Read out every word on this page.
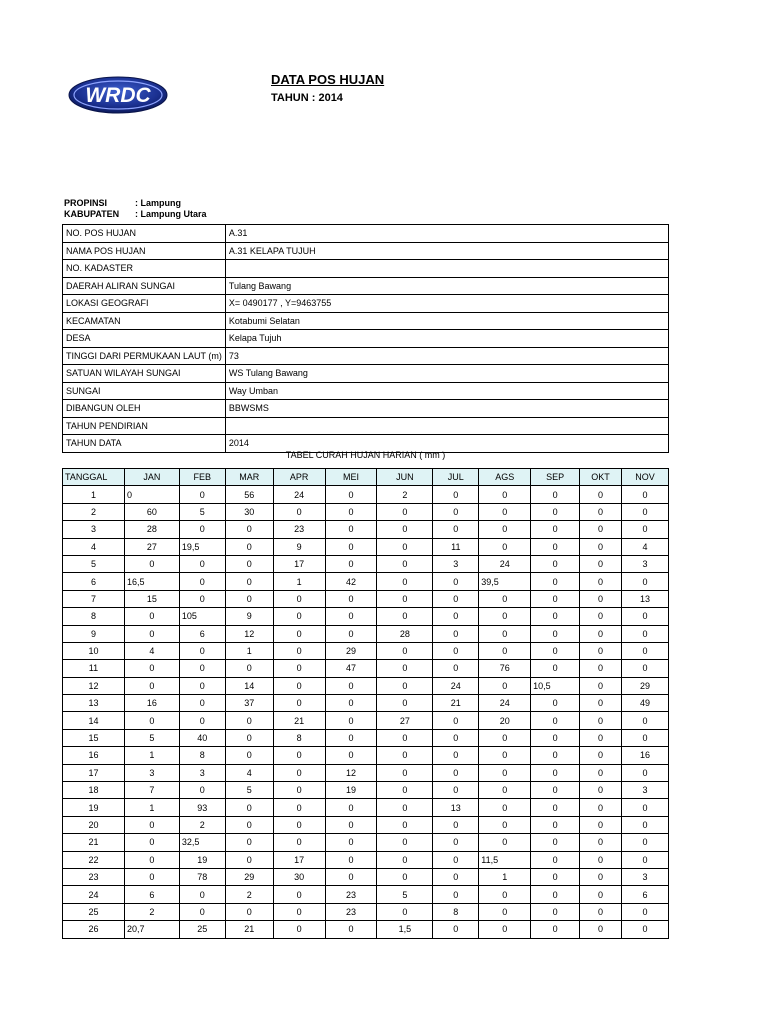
WRDC
DATA POS HUJAN
TAHUN : 2014
PROPINSI	: Lampung
KABUPATEN : Lampung Utara
NO. POS HUJAN	A.31
NAMA POS HUJAN	A.31 KELAPA TUJUH
NO. KADASTER	
DAERAH ALIRAN SUNGAI	Tulang Bawang
LOKASI GEOGRAFI	X= 0490177 , Y=9463755
KECAMATAN	Kotabumi Selatan
DESA	Kelapa Tujuh
TINGGI DARI PERMUKAAN LAUT (m)	73
SATUAN WILAYAH SUNGAI	WS Tulang Bawang
SUNGAI	Way Umban
DIBANGUN OLEH	BBWSMS
TAHUN PENDIRIAN	
TAHUN DATA	2014
TABEL CURAH HUJAN HARIAN ( mm )
TANGGAL	JAN	FEB	MAR	APR	MEI	JUN	JUL	AGS	SEP	OKT	NOV
1	0	0	56	24	0	2	0	0	0	0	0
2	60	5	30	0	0	0	0	0	0	0	0
3	28	0	0	23	0	0	0	0	0	0	0
4	27	19,5	0	9	0	0	11	0	0	0	4
5	0	0	0	17	0	0	3	24	0	0	3
6	16,5	0	0	1	42	0	0	39,5	0	0	0
7	15	0	0	0	0	0	0	0	0	0	13
8	0	105	9	0	0	0	0	0	0	0	0
9	0	6	12	0	0	28	0	0	0	0	0
10	4	0	1	0	29	0	0	0	0	0	0
11	0	0	0	0	47	0	0	76	0	0	0
12	0	0	14	0	0	0	24	0	10,5	0	29
13	16	0	37	0	0	0	21	24	0	0	49
14	0	0	0	21	0	27	0	20	0	0	0
15	5	40	0	8	0	0	0	0	0	0	0
16	1	8	0	0	0	0	0	0	0	0	16
17	3	3	4	0	12	0	0	0	0	0	0
18	7	0	5	0	19	0	0	0	0	0	3
19	1	93	0	0	0	0	13	0	0	0	0
20	0	2	0	0	0	0	0	0	0	0	0
21	0	32,5	0	0	0	0	0	0	0	0	0
22	0	19	0	17	0	0	0	11,5	0	0	0
23	0	78	29	30	0	0	0	1	0	0	3
24	6	0	2	0	23	5	0	0	0	0	6
25	2	0	0	0	23	0	8	0	0	0	0
26	20,7	25	21	0	0	1,5	0	0	0	0	0
